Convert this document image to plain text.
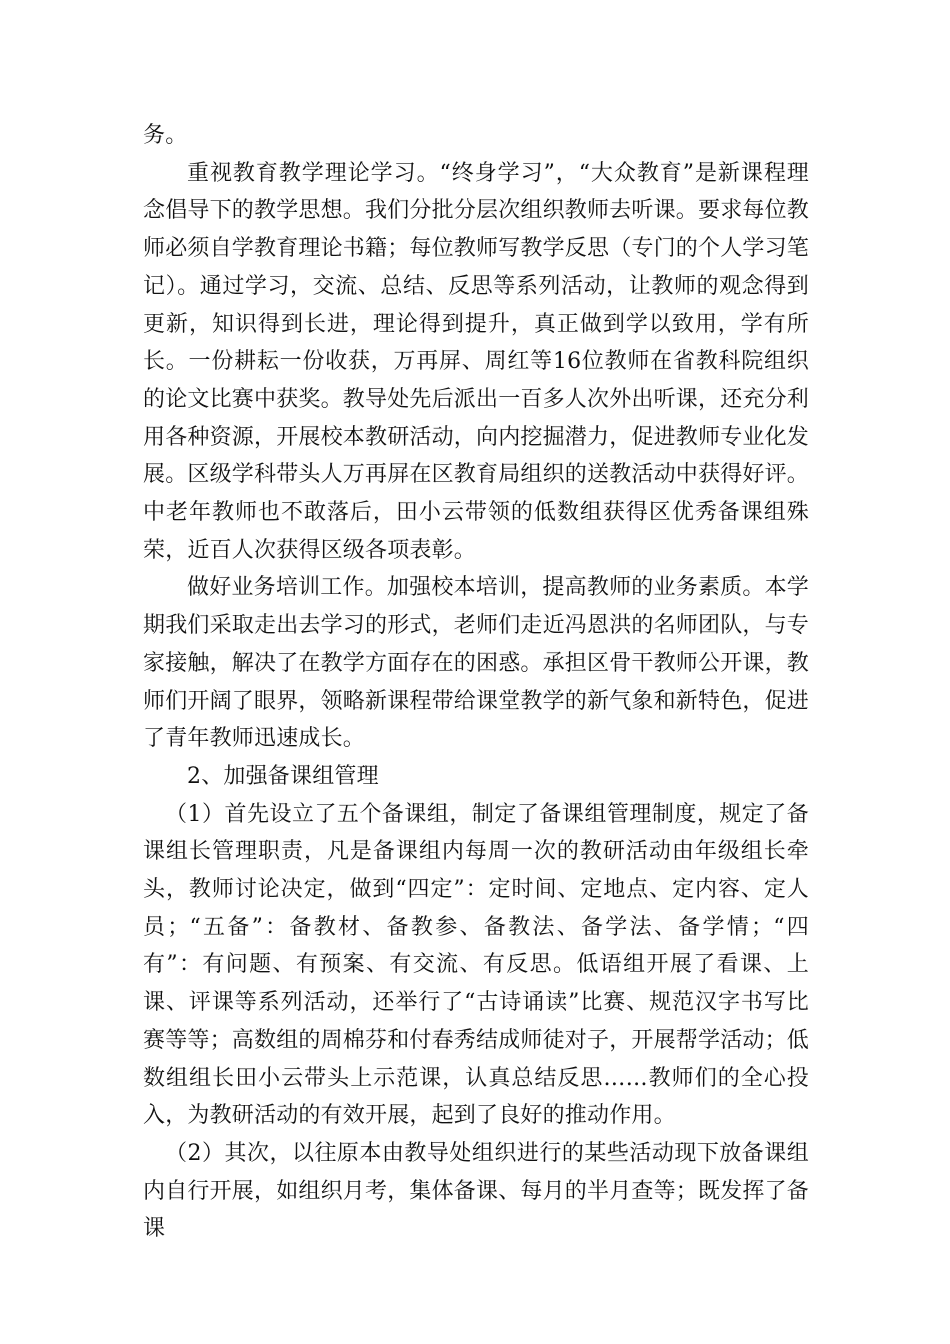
务。

重视教育教学理论学习。“终身学习”，“大众教育”是新课程理念倡导下的教学思想。我们分批分层次组织教师去听课。要求每位教师必须自学教育理论书籍；每位教师写教学反思（专门的个人学习笔记）。通过学习，交流、总结、反思等系列活动，让教师的观念得到更新，知识得到长进，理论得到提升，真正做到学以致用，学有所长。一份耕耘一份收获，万再屏、周红等16位教师在省教科院组织的论文比赛中获奖。教导处先后派出一百多人次外出听课，还充分利用各种资源，开展校本教研活动，向内挖掘潜力，促进教师专业化发展。区级学科带头人万再屏在区教育局组织的送教活动中获得好评。中老年教师也不敢落后，田小云带领的低数组获得区优秀备课组殊荣，近百人次获得区级各项表彰。

做好业务培训工作。加强校本培训，提高教师的业务素质。本学期我们采取走出去学习的形式，老师们走近冯恩洪的名师团队，与专家接触，解决了在教学方面存在的困惑。承担区骨干教师公开课，教师们开阔了眼界，领略新课程带给课堂教学的新气象和新特色，促进了青年教师迅速成长。

2、加强备课组管理

（1）首先设立了五个备课组，制定了备课组管理制度，规定了备课组长管理职责，凡是备课组内每周一次的教研活动由年级组长牵头，教师讨论决定，做到“四定”：定时间、定地点、定内容、定人员；“五备”：备教材、备教参、备教法、备学法、备学情；“四有”：有问题、有预案、有交流、有反思。低语组开展了看课、上课、评课等系列活动，还举行了“古诗诵读”比赛、规范汉字书写比赛等等；高数组的周棉芬和付春秀结成师徒对子，开展帮学活动；低数组组长田小云带头上示范课，认真总结反思……教师们的全心投入，为教研活动的有效开展，起到了良好的推动作用。

（2）其次，以往原本由教导处组织进行的某些活动现下放备课组内自行开展，如组织月考，集体备课、每月的半月查等；既发挥了备课
